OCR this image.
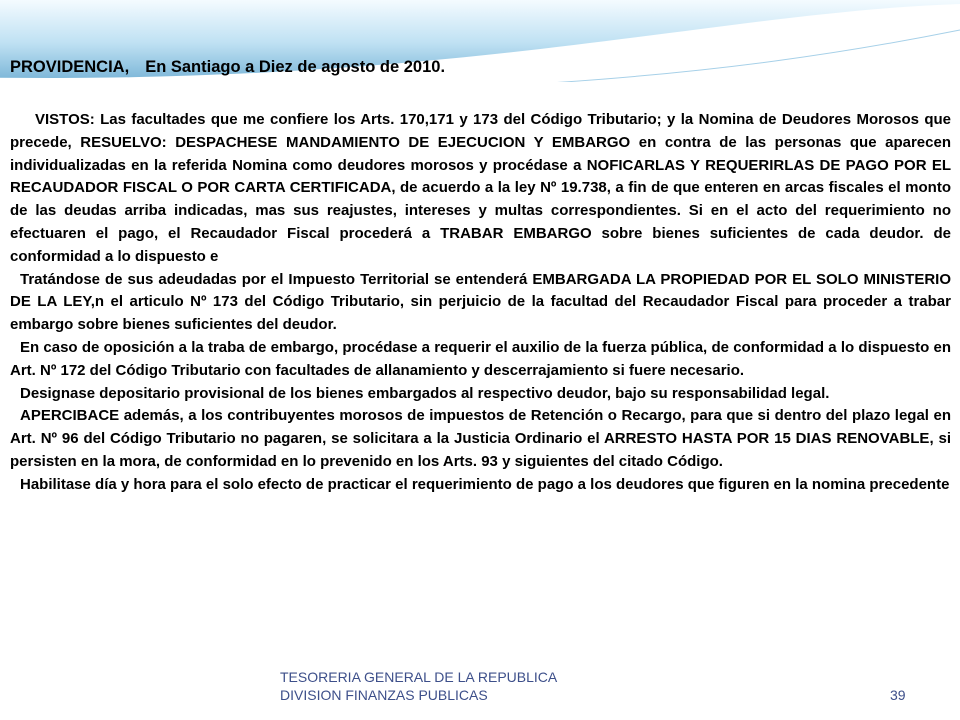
PROVIDENCIA, En Santiago a Diez de agosto de 2010.

VISTOS: Las facultades que me confiere los Arts. 170,171 y 173 del Código Tributario; y la Nomina de Deudores Morosos que precede, RESUELVO: DESPACHESE MANDAMIENTO DE EJECUCION Y EMBARGO en contra de las personas que aparecen individualizadas en la referida Nomina como deudores morosos y procédase a NOFICARLAS Y REQUERIRLAS DE PAGO POR EL RECAUDADOR FISCAL O POR CARTA CERTIFICADA, de acuerdo a la ley Nº 19.738, a fin de que enteren en arcas fiscales el monto de las deudas arriba indicadas, mas sus reajustes, intereses y multas correspondientes. Si en el acto del requerimiento no efectuaren el pago, el Recaudador Fiscal procederá a TRABAR EMBARGO sobre bienes suficientes de cada deudor. de conformidad a lo dispuesto e

Tratándose de sus adeudadas por el Impuesto Territorial se entenderá EMBARGADA LA PROPIEDAD POR EL SOLO MINISTERIO DE LA LEY,n el articulo Nº 173 del Código Tributario, sin perjuicio de la facultad del Recaudador Fiscal para proceder a trabar embargo sobre bienes suficientes del deudor.

En caso de oposición a la traba de embargo, procédase a requerir el auxilio de la fuerza pública, de conformidad a lo dispuesto en Art. Nº 172 del Código Tributario con facultades de allanamiento y descerrajamiento si fuere necesario.

Designase depositario provisional de los bienes embargados al respectivo deudor, bajo su responsabilidad legal.

APERCIBACE además, a los contribuyentes morosos de impuestos de Retención o Recargo, para que si dentro del plazo legal en Art. Nº 96 del Código Tributario no pagaren, se solicitara a la Justicia Ordinario el ARRESTO HASTA POR 15 DIAS RENOVABLE, si persisten en la mora, de conformidad en lo prevenido en los Arts. 93 y siguientes del citado Código.

Habilitase día y hora para el solo efecto de practicar el requerimiento de pago a los deudores que figuren en la nomina precedente

TESORERIA GENERAL DE LA REPUBLICA
DIVISION FINANZAS PUBLICAS	39
